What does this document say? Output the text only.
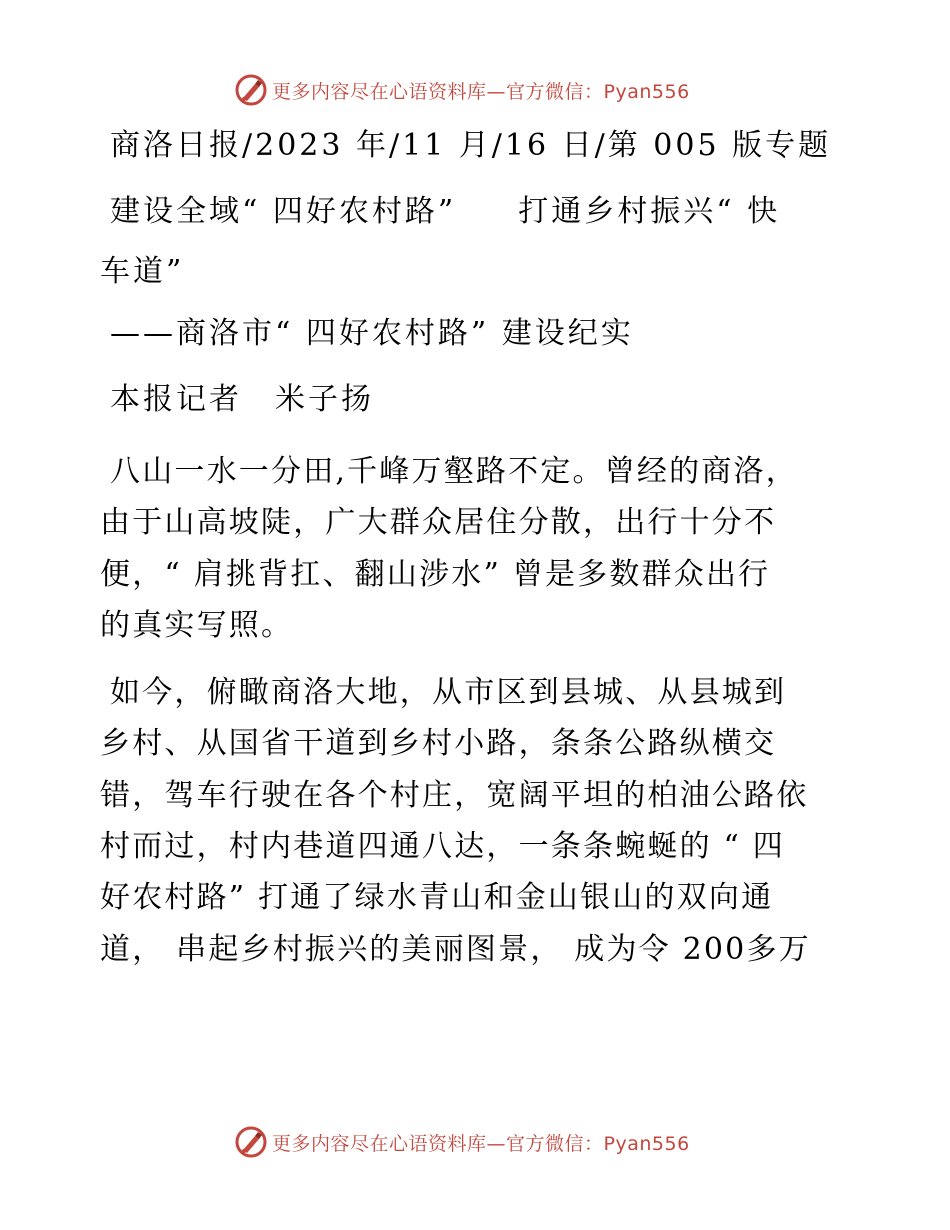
更多内容尽在心语资料库—官方微信：Pyan556

商洛日报/2023 年/11 月/16 日/第 005 版专题

建设全域“ 四好农村路” 打通乡村振兴“ 快

车道”

——商洛市“ 四好农村路” 建设纪实

本报记者　米子扬

八山一水一分田,千峰万壑路不定。曾经的商洛，

由于山高坡陡，广大群众居住分散，出行十分不

便，“ 肩挑背扛、翻山涉水” 曾是多数群众出行

的真实写照。

如今，俯瞰商洛大地，从市区到县城、从县城到

乡村、从国省干道到乡村小路，条条公路纵横交

错，驾车行驶在各个村庄，宽阔平坦的柏油公路依

村而过，村内巷道四通八达，一条条蜿蜒的 “ 四

好农村路” 打通了绿水青山和金山银山的双向通

道， 串起乡村振兴的美丽图景， 成为令 200多万

更多内容尽在心语资料库—官方微信：Pyan556
